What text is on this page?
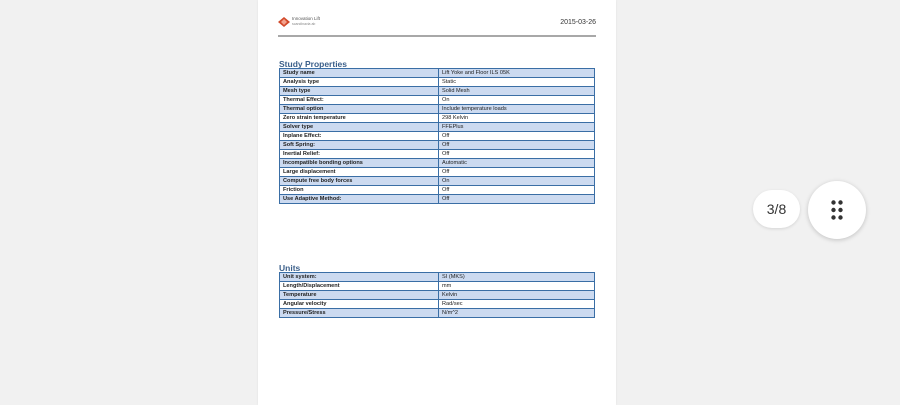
Innovation Lift
scandinavia ab	2015-03-26
Study Properties
Study name	Lift Yoke and Floor ILS 05K
Analysis type	Static
Mesh type	Solid Mesh
Thermal Effect:	On
Thermal option	Include temperature loads
Zero strain temperature	298 Kelvin
Solver type	FFEPlus
Inplane Effect:	Off
Soft Spring:	Off
Inertial Relief:	Off
Incompatible bonding options	Automatic
Large displacement	Off
Compute free body forces	On
Friction	Off
Use Adaptive Method:	Off
Units
Unit system:	SI (MKS)
Length/Displacement	mm
Temperature	Kelvin
Angular velocity	Rad/sec
Pressure/Stress	N/m^2
3/8
